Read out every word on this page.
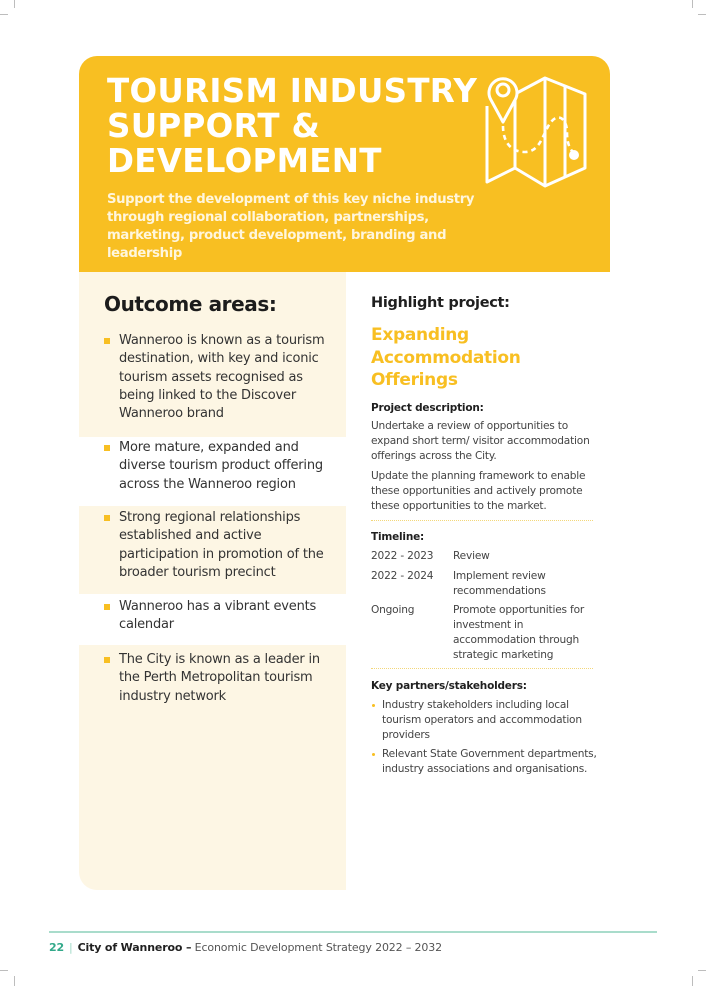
TOURISM INDUSTRY
SUPPORT &
DEVELOPMENT

Support the development of this key niche industry through regional collaboration, partnerships, marketing, product development, branding and leadership

Outcome areas:
Wanneroo is known as a tourism destination, with key and iconic tourism assets recognised as being linked to the Discover Wanneroo brand
More mature, expanded and diverse tourism product offering across the Wanneroo region
Strong regional relationships established and active participation in promotion of the broader tourism precinct
Wanneroo has a vibrant events calendar
The City is known as a leader in the Perth Metropolitan tourism industry network
Highlight project:
Expanding
Accommodation
Offerings
Project description:

Undertake a review of opportunities to expand short term/ visitor accommodation offerings across the City.

Update the planning framework to enable these opportunities and actively promote these opportunities to the market.

Timeline:
2022 - 2023	Review
2022 - 2024	Implement review recommendations
Ongoing	Promote opportunities for investment in accommodation through strategic marketing
Key partners/stakeholders:
Industry stakeholders including local tourism operators and accommodation providers
Relevant State Government departments, industry associations and organisations.
22 | City of Wanneroo – Economic Development Strategy 2022 – 2032
